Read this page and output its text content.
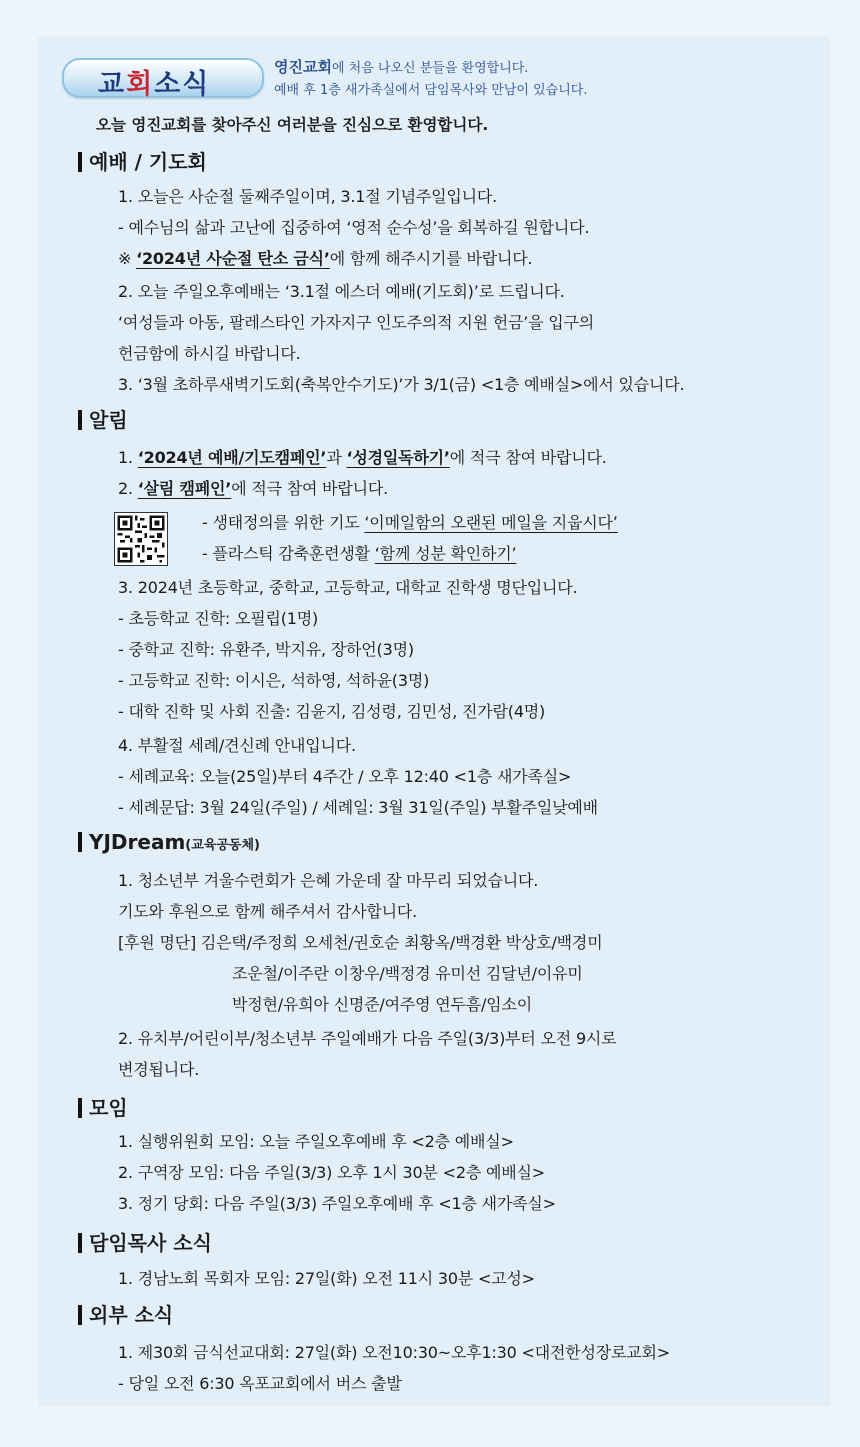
교회소식
영진교회에 처음 나오신 분들을 환영합니다.
예배 후 1층 새가족실에서 담임목사와 만남이 있습니다.
오늘 영진교회를 찾아주신 여러분을 진심으로 환영합니다.
예배 / 기도회
1. 오늘은 사순절 둘째주일이며, 3.1절 기념주일입니다.
- 예수님의 삶과 고난에 집중하여 ‘영적 순수성’을 회복하길 원합니다.
※ ‘2024년 사순절 탄소 금식’에 함께 해주시기를 바랍니다.
2. 오늘 주일오후예배는 ‘3.1절 에스더 예배(기도회)’로 드립니다.
‘여성들과 아동, 팔레스타인 가자지구 인도주의적 지원 헌금’을 입구의
헌금함에 하시길 바랍니다.
3. ‘3월 초하루새벽기도회(축복안수기도)’가 3/1(금) <1층 예배실>에서 있습니다.
알림
1. ‘2024년 예배/기도캠페인’과 ‘성경일독하기’에 적극 참여 바랍니다.
2. ‘살림 캠페인’에 적극 참여 바랍니다.
- 생태정의를 위한 기도 ‘이메일함의 오랜된 메일을 지웁시다’
- 플라스틱 감축훈련생활 ‘함께 성분 확인하기’
3. 2024년 초등학교, 중학교, 고등학교, 대학교 진학생 명단입니다.
- 초등학교 진학: 오필립(1명)
- 중학교 진학: 유환주, 박지유, 장하언(3명)
- 고등학교 진학: 이시은, 석하영, 석하윤(3명)
- 대학 진학 및 사회 진출: 김윤지, 김성령, 김민성, 진가람(4명)
4. 부활절 세례/견신례 안내입니다.
- 세례교육: 오늘(25일)부터 4주간 / 오후 12:40 <1층 새가족실>
- 세례문답: 3월 24일(주일) / 세례일: 3월 31일(주일) 부활주일낮예배
YJDream(교육공동체)
1. 청소년부 겨울수련회가 은혜 가운데 잘 마무리 되었습니다.
기도와 후원으로 함께 해주셔서 감사합니다.
[후원 명단] 김은택/주정희 오세천/권호순 최황옥/백경환 박상호/백경미
조운철/이주란 이창우/백정경 유미선 김달년/이유미
박정현/유희아 신명준/여주영 연두흠/임소이
2. 유치부/어린이부/청소년부 주일예배가 다음 주일(3/3)부터 오전 9시로
변경됩니다.
모임
1. 실행위원회 모임: 오늘 주일오후예배 후 <2층 예배실>
2. 구역장 모임: 다음 주일(3/3) 오후 1시 30분 <2층 예배실>
3. 정기 당회: 다음 주일(3/3) 주일오후예배 후 <1층 새가족실>
담임목사 소식
1. 경남노회 목회자 모임: 27일(화) 오전 11시 30분 <고성>
외부 소식
1. 제30회 금식선교대회: 27일(화) 오전10:30~오후1:30 <대전한성장로교회>
- 당일 오전 6:30 옥포교회에서 버스 출발
